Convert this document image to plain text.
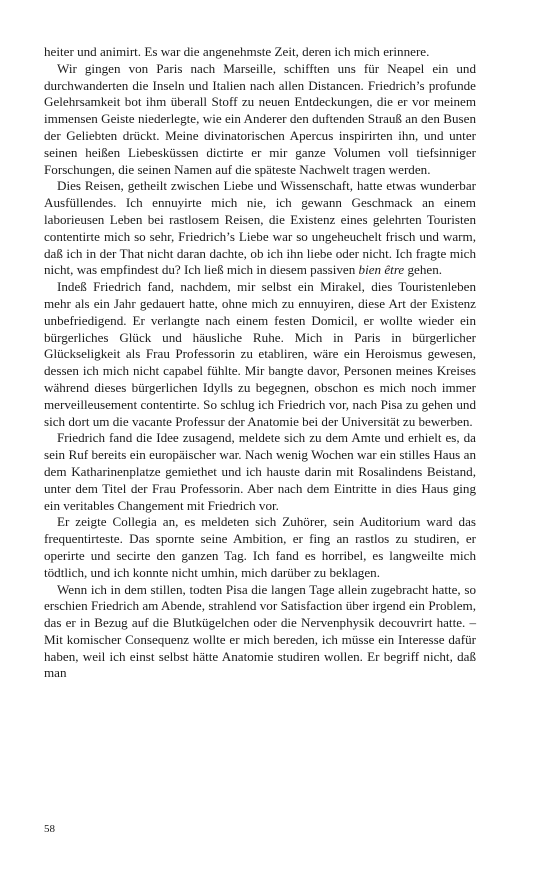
heiter und animirt. Es war die angenehmste Zeit, deren ich mich erinnere.

Wir gingen von Paris nach Marseille, schifften uns für Neapel ein und durchwanderten die Inseln und Italien nach allen Distancen. Friedrich’s profunde Gelehrsamkeit bot ihm überall Stoff zu neuen Entdeckungen, die er vor meinem immensen Geiste niederlegte, wie ein Anderer den duftenden Strauß an den Busen der Geliebten drückt. Meine divinatorischen Apercus inspirirten ihn, und unter seinen heißen Liebesküssen dictirte er mir ganze Volumen voll tiefsinniger Forschungen, die seinen Namen auf die späteste Nachwelt tragen werden.

Dies Reisen, getheilt zwischen Liebe und Wissenschaft, hatte etwas wunderbar Ausfüllendes. Ich ennuyirte mich nie, ich gewann Geschmack an einem laborieusen Leben bei rastlosem Reisen, die Existenz eines gelehrten Touristen contentirte mich so sehr, Friedrich’s Liebe war so ungeheuchelt frisch und warm, daß ich in der That nicht daran dachte, ob ich ihn liebe oder nicht. Ich fragte mich nicht, was empfindest du? Ich ließ mich in diesem passiven bien être gehen.

Indeß Friedrich fand, nachdem, mir selbst ein Mirakel, dies Touristenleben mehr als ein Jahr gedauert hatte, ohne mich zu ennuyiren, diese Art der Existenz unbefriedigend. Er verlangte nach einem festen Domicil, er wollte wieder ein bürgerliches Glück und häusliche Ruhe. Mich in Paris in bürgerlicher Glückseligkeit als Frau Professorin zu etabliren, wäre ein Heroismus gewesen, dessen ich mich nicht capabel fühlte. Mir bangte davor, Personen meines Kreises während dieses bürgerlichen Idylls zu begegnen, obschon es mich noch immer merveilleusement contentirte. So schlug ich Friedrich vor, nach Pisa zu gehen und sich dort um die vacante Professur der Anatomie bei der Universität zu bewerben.

Friedrich fand die Idee zusagend, meldete sich zu dem Amte und erhielt es, da sein Ruf bereits ein europäischer war. Nach wenig Wochen war ein stilles Haus an dem Katharinenplatze gemiethet und ich hauste darin mit Rosalindens Beistand, unter dem Titel der Frau Professorin. Aber nach dem Eintritte in dies Haus ging ein veritables Changement mit Friedrich vor.

Er zeigte Collegia an, es meldeten sich Zuhörer, sein Auditorium ward das frequentirteste. Das spornte seine Ambition, er fing an rastlos zu studiren, er operirte und secirte den ganzen Tag. Ich fand es horribel, es langweilte mich tödtlich, und ich konnte nicht umhin, mich darüber zu beklagen.

Wenn ich in dem stillen, todten Pisa die langen Tage allein zugebracht hatte, so erschien Friedrich am Abende, strahlend vor Satisfaction über irgend ein Problem, das er in Bezug auf die Blutkügelchen oder die Nervenphysik decouvrirt hatte. – Mit komischer Consequenz wollte er mich bereden, ich müsse ein Interesse dafür haben, weil ich einst selbst hätte Anatomie studiren wollen. Er begriff nicht, daß man

58
